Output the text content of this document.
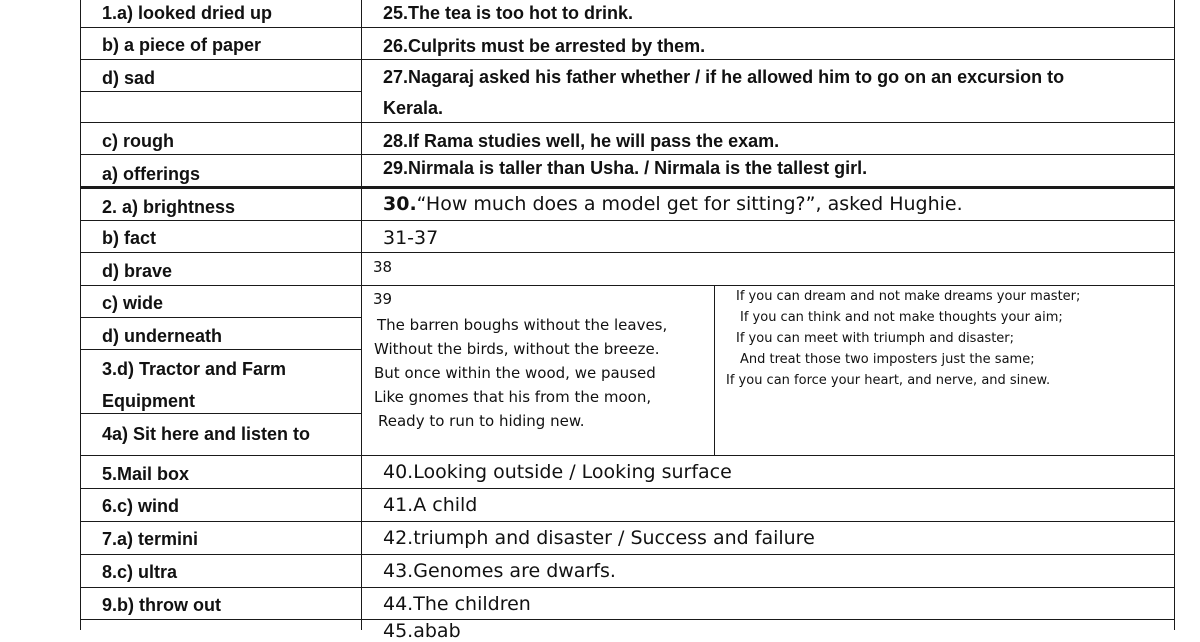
1.a) looked dried up
b) a piece of paper
d) sad
c) rough
a) offerings
2. a) brightness
b) fact
d) brave
c) wide
d) underneath
3.d) Tractor and Farm
Equipment
4a) Sit here and listen to
5.Mail box
6.c) wind
7.a) termini
8.c) ultra
9.b) throw out
25.The tea is too hot to drink.
26.Culprits must be arrested by them.
27.Nagaraj asked his father whether / if he allowed him to go on an excursion to
Kerala.
28.If Rama studies well, he will pass the exam.
29.Nirmala is taller than Usha. / Nirmala is the tallest girl.
30.“How much does a model get for sitting?”, asked Hughie.
31-37
38
39
The barren boughs without the leaves,
Without the birds, without the breeze.
But once within the wood, we paused
Like gnomes that his from the moon,
Ready to run to hiding new.
If you can dream and not make dreams your master;
If you can think and not make thoughts your aim;
If you can meet with triumph and disaster;
And treat those two imposters just the same;
If you can force your heart, and nerve, and sinew.
40.Looking outside / Looking surface
41.A child
42.triumph and disaster / Success and failure
43.Genomes are dwarfs.
44.The children
45.abab
